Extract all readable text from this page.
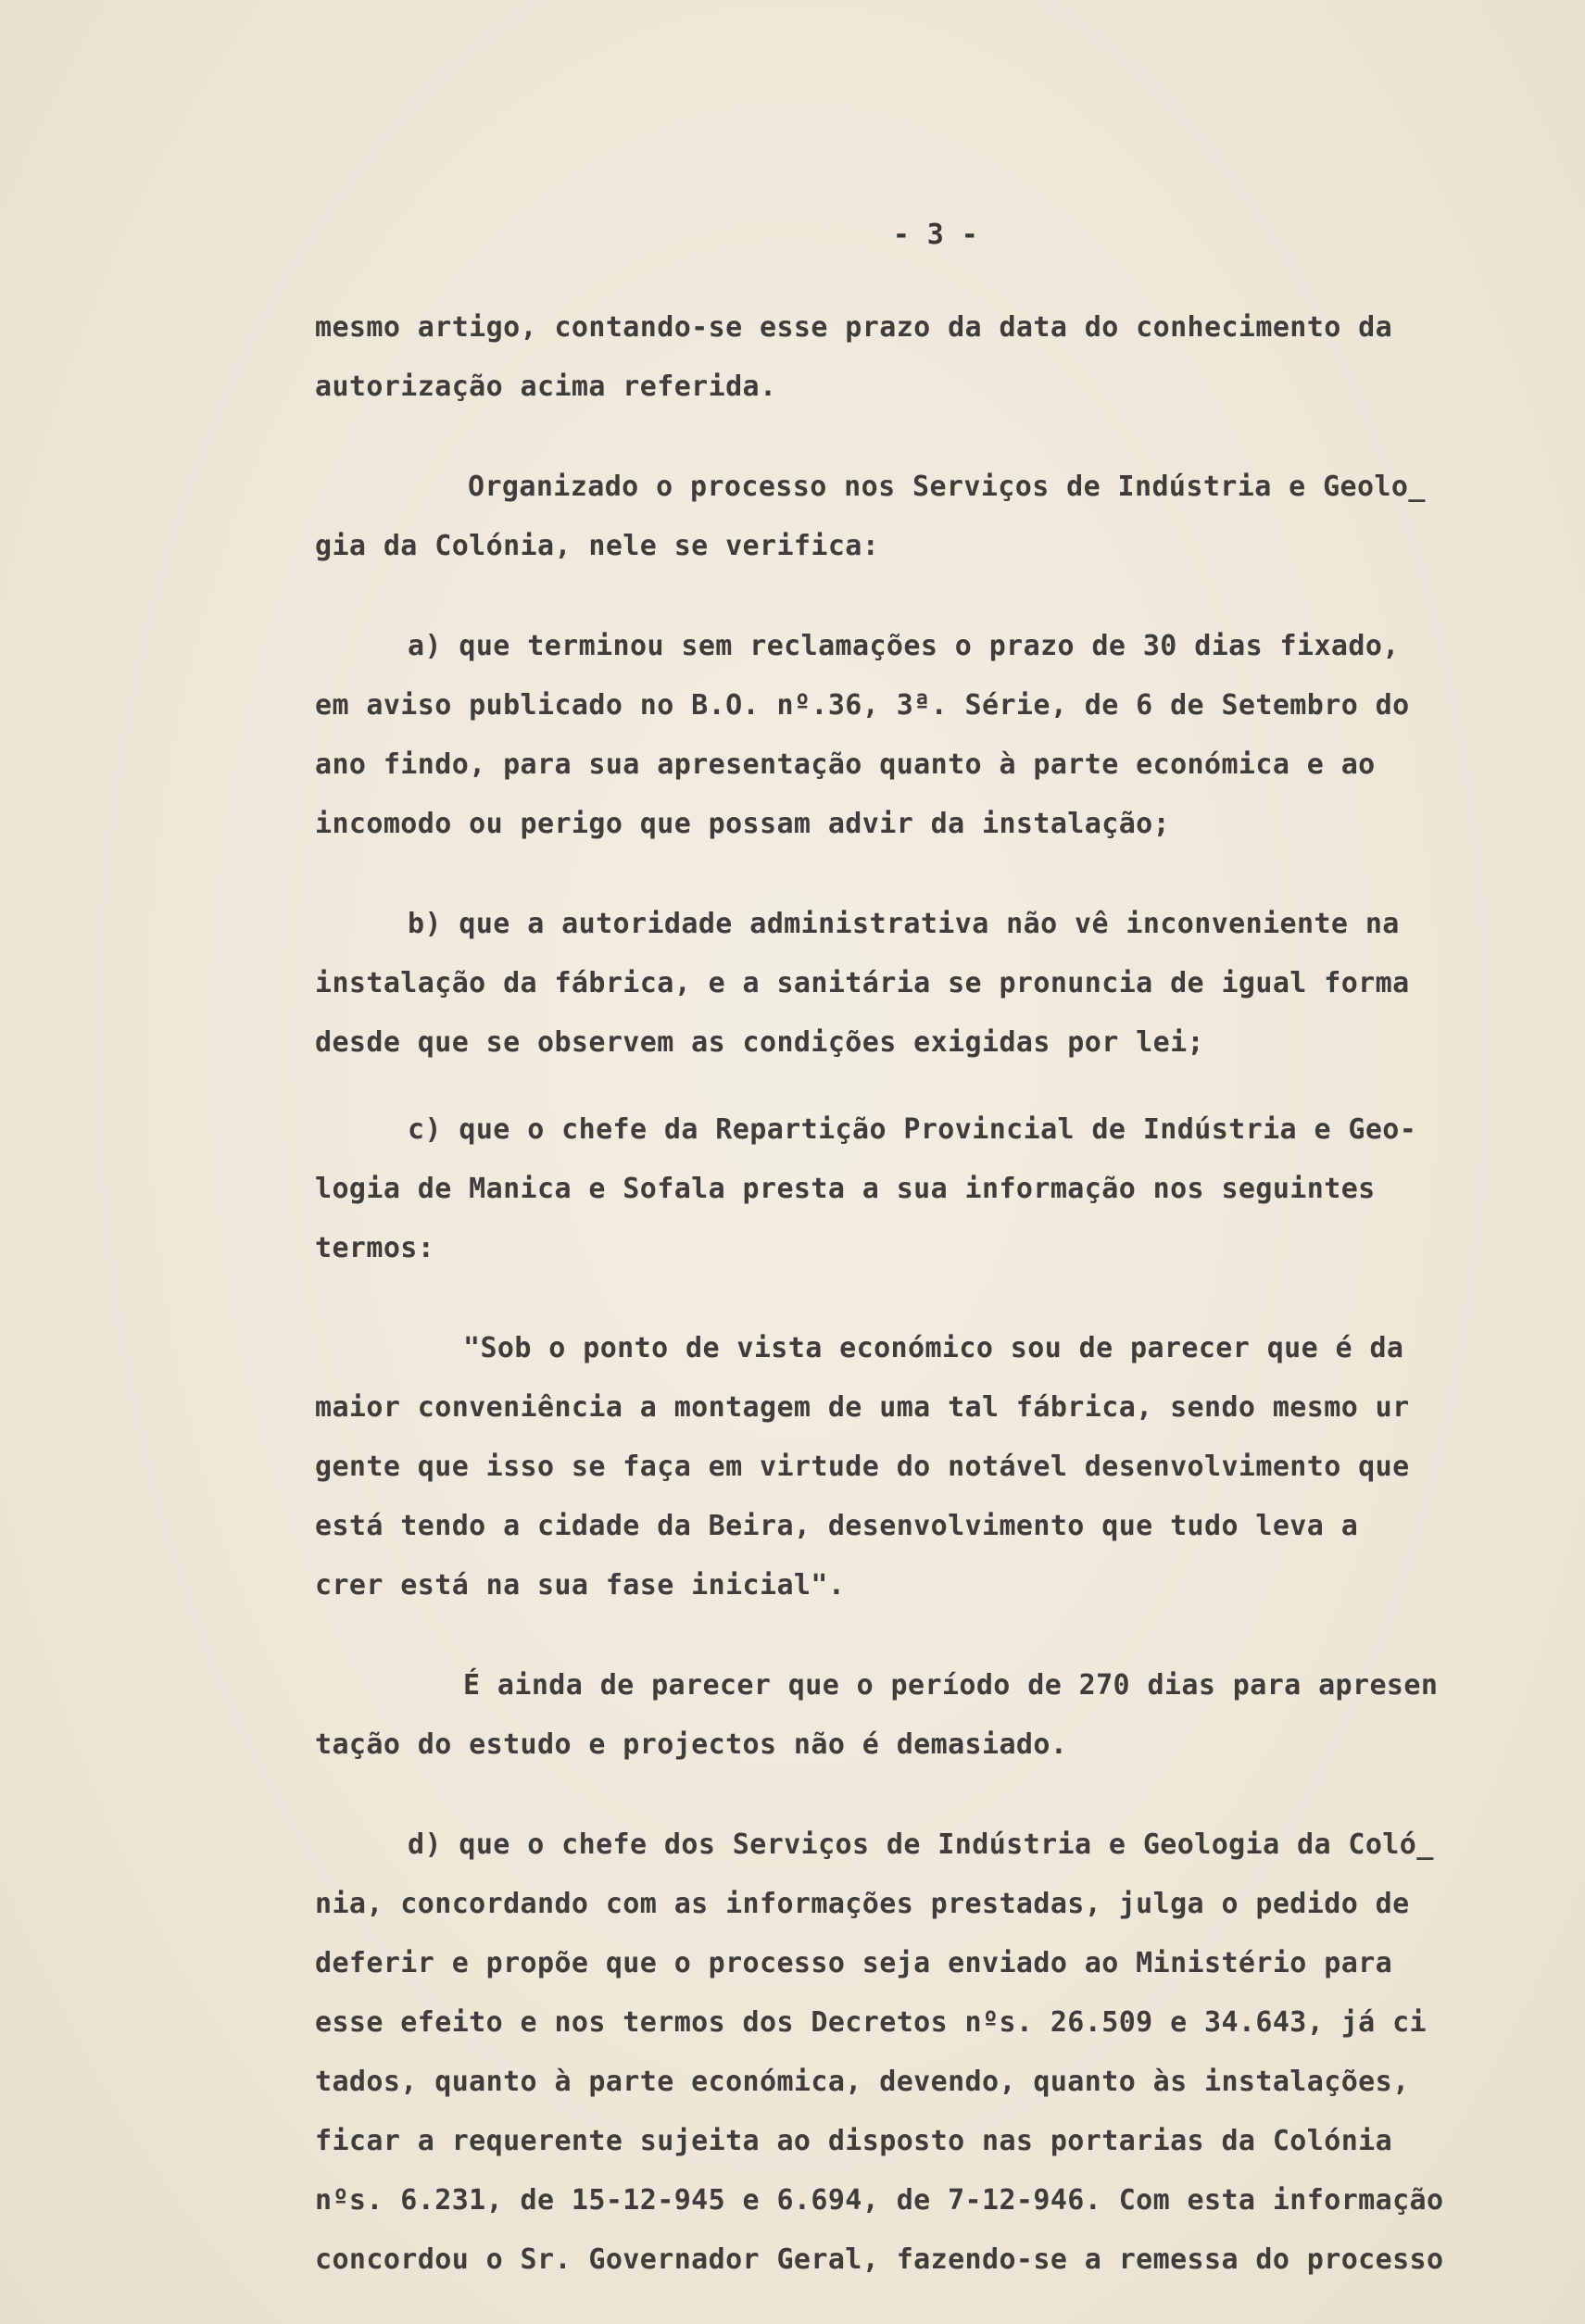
- 3 -
mesmo artigo, contando-se esse prazo da data do conhecimento da
autorização acima referida.
Organizado o processo nos Serviços de Indústria e Geolo_
gia da Colónia, nele se verifica:
a) que terminou sem reclamações o prazo de 30 dias fixado,
em aviso publicado no B.O. nº.36, 3ª. Série, de 6 de Setembro do
ano findo, para sua apresentação quanto à parte económica e ao
incomodo ou perigo que possam advir da instalação;
b) que a autoridade administrativa não vê inconveniente na
instalação da fábrica, e a sanitária se pronuncia de igual forma
desde que se observem as condições exigidas por lei;
c) que o chefe da Repartição Provincial de Indústria e Geo-
logia de Manica e Sofala presta a sua informação nos seguintes
termos:
"Sob o ponto de vista económico sou de parecer que é da
maior conveniência a montagem de uma tal fábrica, sendo mesmo ur
gente que isso se faça em virtude do notável desenvolvimento que
está tendo a cidade da Beira, desenvolvimento que tudo leva a
crer está na sua fase inicial".
É ainda de parecer que o período de 270 dias para apresen
tação do estudo e projectos não é demasiado.
d) que o chefe dos Serviços de Indústria e Geologia da Coló_
nia, concordando com as informações prestadas, julga o pedido de
deferir e propõe que o processo seja enviado ao Ministério para
esse efeito e nos termos dos Decretos nºs. 26.509 e 34.643, já ci
tados, quanto à parte económica, devendo, quanto às instalações,
ficar a requerente sujeita ao disposto nas portarias da Colónia
nºs. 6.231, de 15-12-945 e 6.694, de 7-12-946. Com esta informação
concordou o Sr. Governador Geral, fazendo-se a remessa do processo
